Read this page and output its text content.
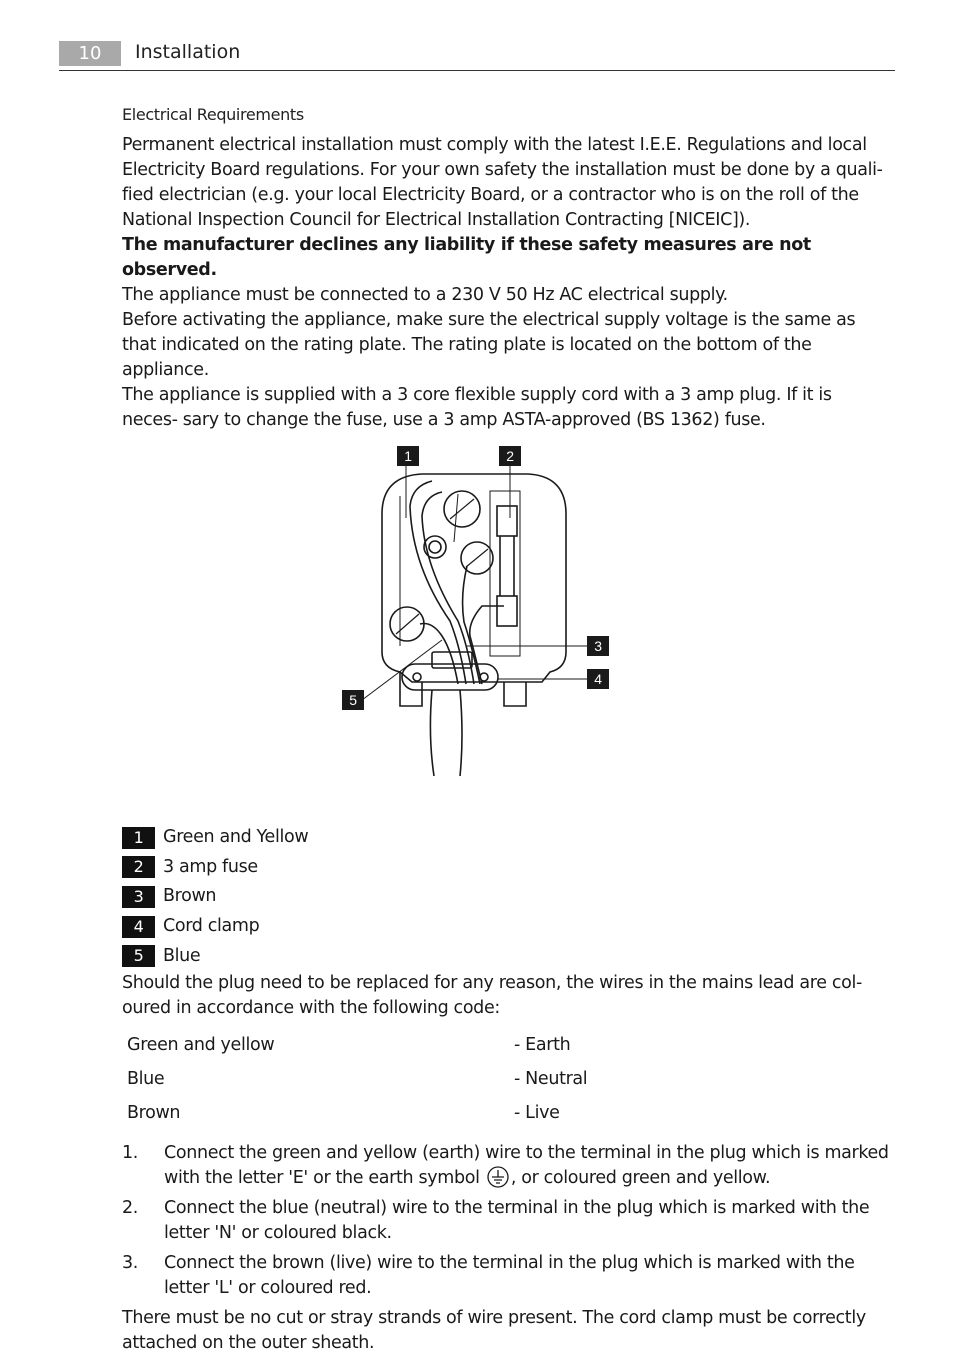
10	Installation
Electrical Requirements

Permanent electrical installation must comply with the latest I.E.E. Regulations and local Electricity Board regulations. For your own safety the installation must be done by a quali- fied electrician (e.g. your local Electricity Board, or a contractor who is on the roll of the National Inspection Council for Electrical Installation Contracting [NICEIC]).

The manufacturer declines any liability if these safety measures are not observed.

The appliance must be connected to a 230 V 50 Hz AC electrical supply.

Before activating the appliance, make sure the electrical supply voltage is the same as that indicated on the rating plate. The rating plate is located on the bottom of the appliance.

The appliance is supplied with a 3 core flexible supply cord with a 3 amp plug. If it is neces- sary to change the fuse, use a 3 amp ASTA-approved (BS 1362) fuse.

1	2
3
4
5
1	Green and Yellow
2	3 amp fuse
3	Brown
4	Cord clamp
5	Blue

Should the plug need to be replaced for any reason, the wires in the mains lead are col- oured in accordance with the following code:

Green and yellow	- Earth
Blue	- Neutral
Brown	- Live
1.	Connect the green and yellow (earth) wire to the terminal in the plug which is marked with the letter 'E' or the earth symbol , or coloured green and yellow.
2.	Connect the blue (neutral) wire to the terminal in the plug which is marked with the letter 'N' or coloured black.
3.	Connect the brown (live) wire to the terminal in the plug which is marked with the letter 'L' or coloured red.

There must be no cut or stray strands of wire present. The cord clamp must be correctly attached on the outer sheath.
